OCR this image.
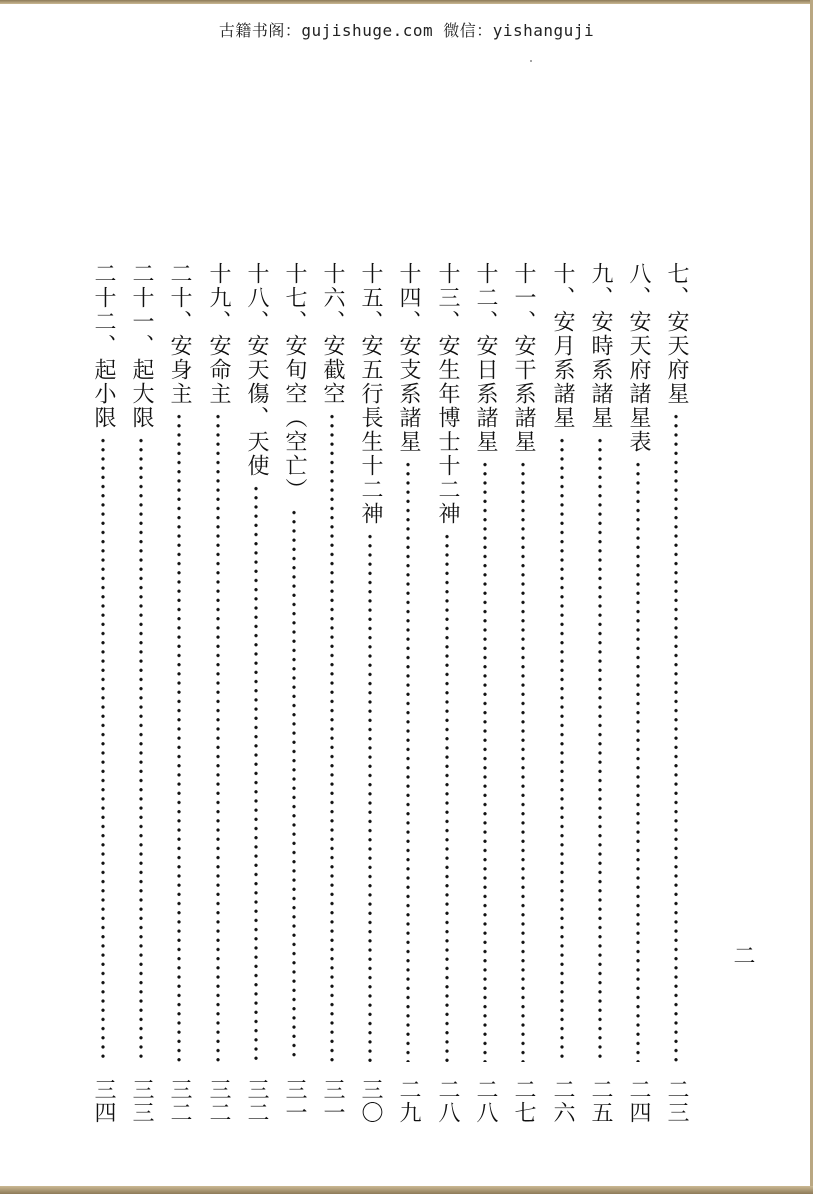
古籍书阁：gujishuge.com 微信：yishanguji
七、安天府星
二三
八、安天府諸星表
二四
九、安時系諸星
二五
十、安月系諸星
二六
十一、安干系諸星
二七
十二、安日系諸星
二八
十三、安生年博士十二神
二八
十四、安支系諸星
二九
十五、安五行長生十二神
三〇
十六、安截空
三一
十七、安旬空（空亡）
三一
十八、安天傷、天使
三二
十九、安命主
三二
二十、安身主
三二
二十一、起大限
三三
二十二、起小限
三四
二
